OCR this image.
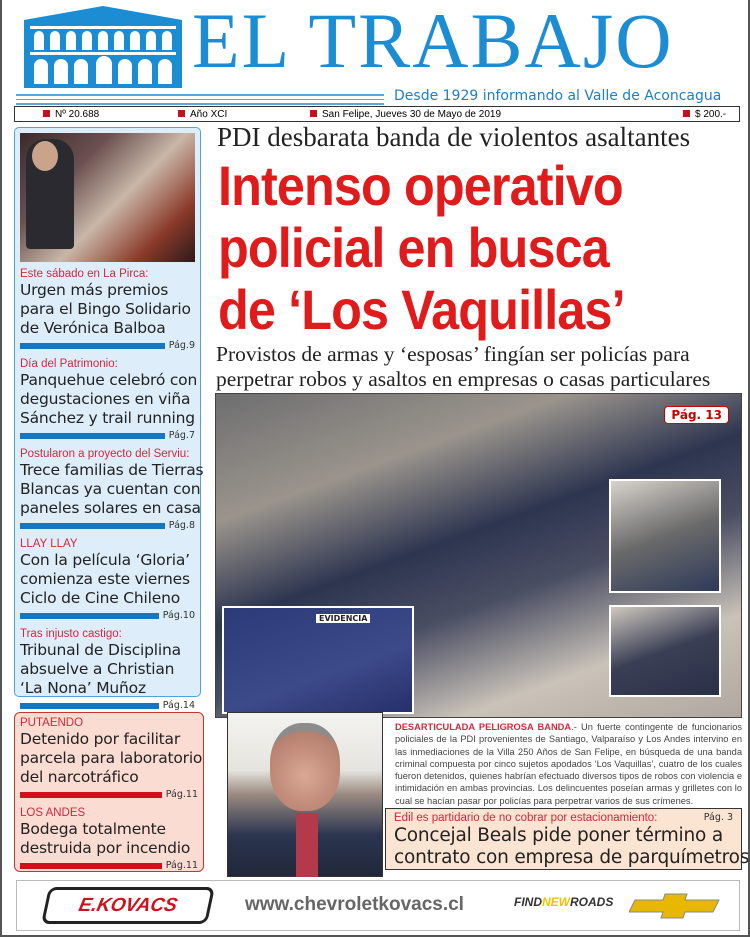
EL TRABAJO
Desde 1929 informando al Valle de Aconcagua
Nº 20.688	Año XCI	San Felipe, Jueves 30 de Mayo de 2019	$ 200.-
Este sábado en La Pirca:
Urgen más premios
para el Bingo Solidario
de Verónica Balboa
Pág.9
Día del Patrimonio:
Panquehue celebró con
degustaciones en viña
Sánchez y trail running
Pág.7
Postularon a proyecto del Serviu:
Trece familias de Tierras
Blancas ya cuentan con
paneles solares en casa
Pág.8
LLAY LLAY
Con la película ‘Gloria’
comienza este viernes
Ciclo de Cine Chileno
Pág.10
Tras injusto castigo:
Tribunal de Disciplina
absuelve a Christian
‘La Nona’ Muñoz
Pág.14
PUTAENDO
Detenido por facilitar
parcela para laboratorio
del narcotráfico
Pág.11
LOS ANDES
Bodega totalmente
destruida por incendio
Pág.11
PDI desbarata banda de violentos asaltantes
Intenso operativo
policial en busca
de ‘Los Vaquillas’
Provistos de armas y ‘esposas’ fingían ser policías para
perpetrar robos y asaltos en empresas o casas particulares
Pág. 13
EVIDENCIA
DESARTICULADA PELIGROSA BANDA.- Un fuerte contingente de funcionarios policiales de la PDI provenientes de Santiago, Valparaíso y Los Andes intervino en las inmediaciones de la Villa 250 Años de San Felipe, en búsqueda de una banda criminal compuesta por cinco sujetos apodados ‘Los Vaquillas’, cuatro de los cuales fueron detenidos, quienes habrían efectuado diversos tipos de robos con violencia e intimidación en ambas provincias. Los delincuentes poseían armas y grilletes con lo cual se hacían pasar por policías para perpetrar varios de sus crímenes.
Edil es partidario de no cobrar por estacionamiento:	Pág. 3
Concejal Beals pide poner término a
contrato con empresa de parquímetros
E.KOVACS	www.chevroletkovacs.cl	FINDNEWROADS
